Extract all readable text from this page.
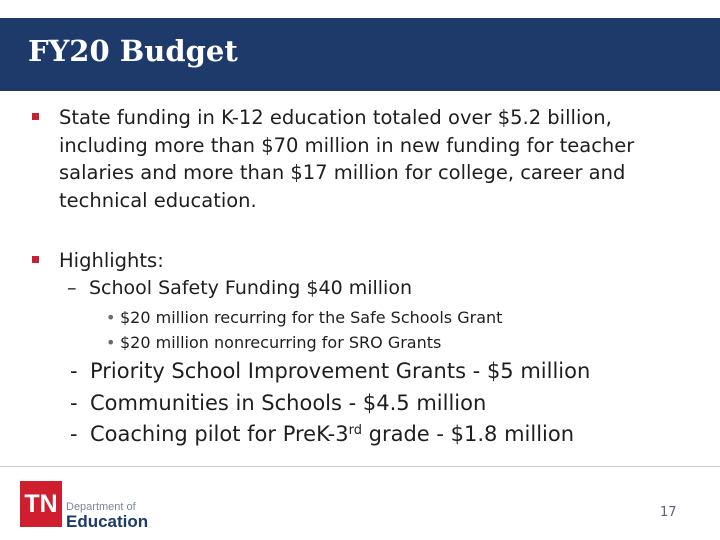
FY20 Budget
State funding in K-12 education totaled over $5.2 billion, including more than $70 million in new funding for teacher salaries and more than $17 million for college, career and technical education.
Highlights:
– School Safety Funding $40 million
• $20 million recurring for the Safe Schools Grant
• $20 million nonrecurring for SRO Grants
- Priority School Improvement Grants - $5 million
- Communities in Schools - $4.5 million
- Coaching pilot for PreK-3rd grade - $1.8 million
TN Department of
Education	17
